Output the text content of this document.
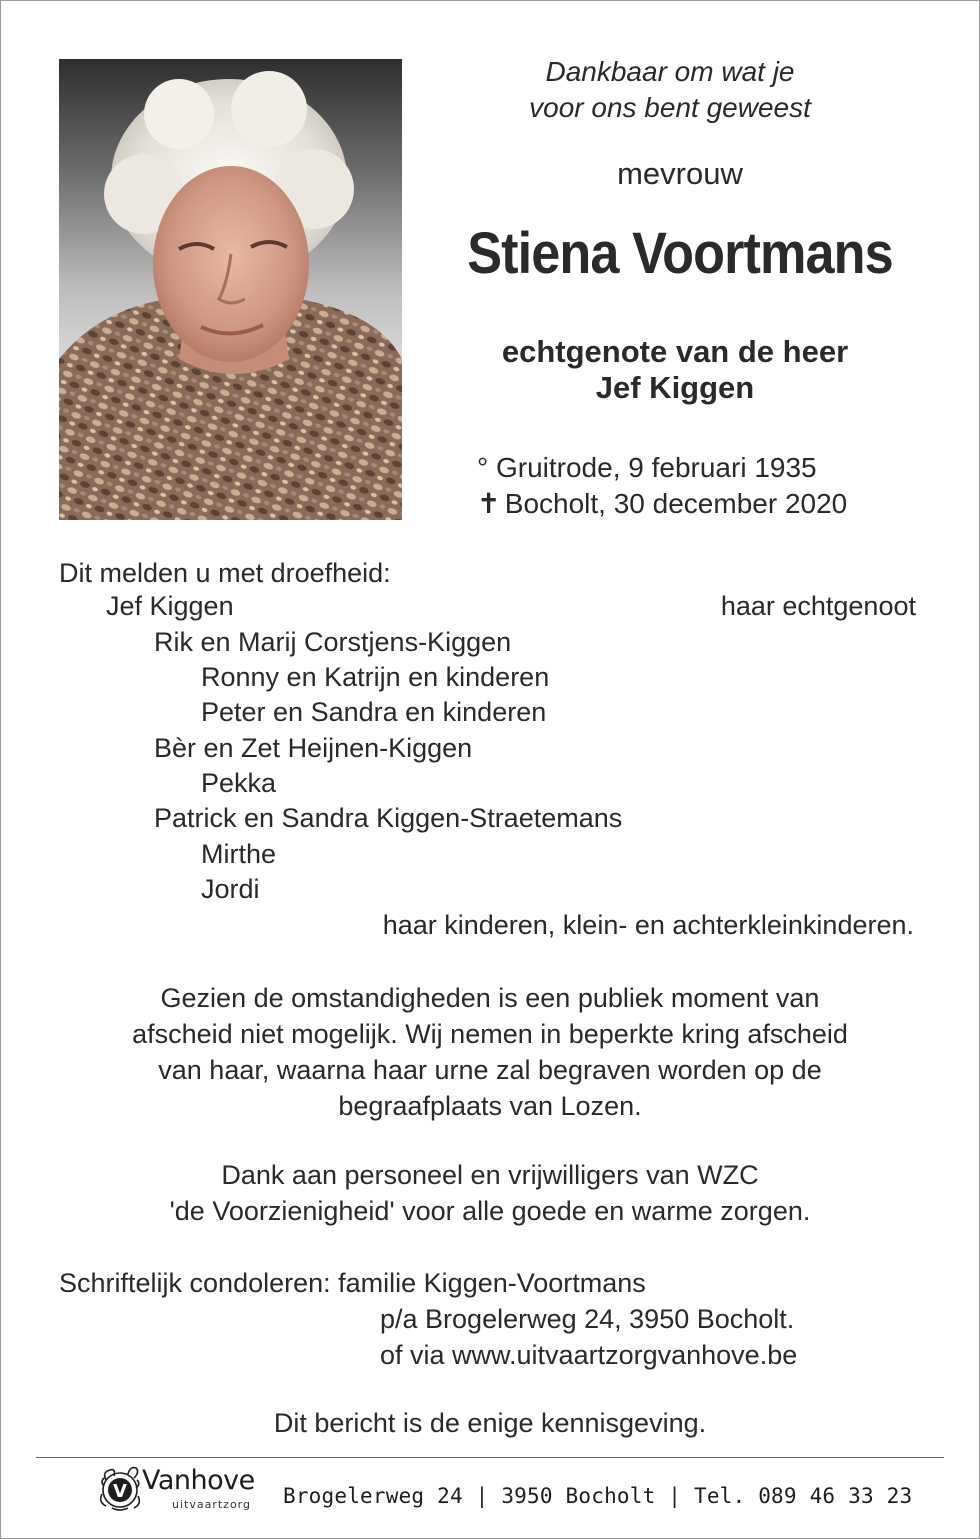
Dankbaar om wat je
voor ons bent geweest
mevrouw
Stiena Voortmans
echtgenote van de heer
Jef Kiggen
° Gruitrode, 9 februari 1935
✝ Bocholt, 30 december 2020
Dit melden u met droefheid:
Jef Kiggen	haar echtgenoot
Rik en Marij Corstjens-Kiggen
Ronny en Katrijn en kinderen
Peter en Sandra en kinderen
Bèr en Zet Heijnen-Kiggen
Pekka
Patrick en Sandra Kiggen-Straetemans
Mirthe
Jordi
haar kinderen, klein- en achterkleinkinderen.
Gezien de omstandigheden is een publiek moment van
afscheid niet mogelijk. Wij nemen in beperkte kring afscheid
van haar, waarna haar urne zal begraven worden op de
begraafplaats van Lozen.
Dank aan personeel en vrijwilligers van WZC
'de Voorzienigheid' voor alle goede en warme zorgen.
Schriftelijk condoleren: familie Kiggen-Voortmans
p/a Brogelerweg 24, 3950 Bocholt.
of via www.uitvaartzorgvanhove.be
Dit bericht is de enige kennisgeving.
V Vanhove
uitvaartzorg Brogelerweg 24 | 3950 Bocholt | Tel. 089 46 33 23
